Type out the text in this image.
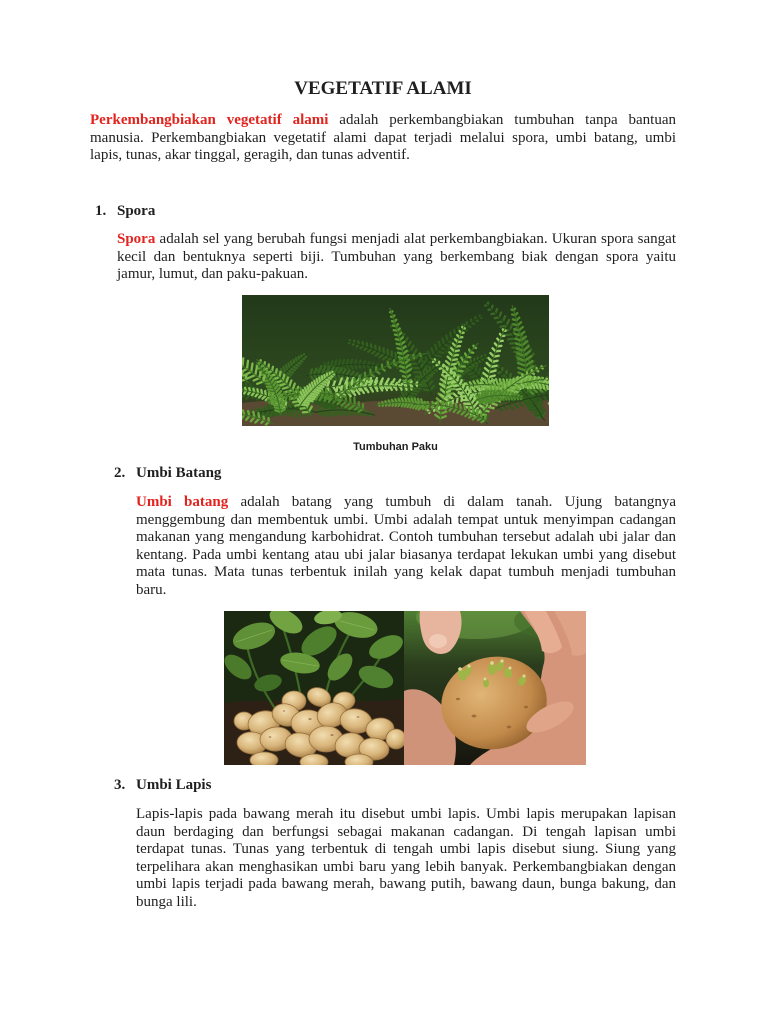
VEGETATIF ALAMI
Perkembangbiakan vegetatif alami adalah perkembangbiakan tumbuhan tanpa bantuan
manusia. Perkembangbiakan vegetatif alami dapat terjadi melalui spora, umbi batang, umbi
lapis, tunas, akar tinggal, geragih, dan tunas adventif.
1. Spora
Spora adalah sel yang berubah fungsi menjadi alat perkembangbiakan. Ukuran spora sangat
kecil dan bentuknya seperti biji. Tumbuhan yang berkembang biak dengan spora yaitu
jamur, lumut, dan paku-pakuan.
Tumbuhan Paku
2. Umbi Batang
Umbi batang adalah batang yang tumbuh di dalam tanah. Ujung batangnya
menggembung dan membentuk umbi. Umbi adalah tempat untuk menyimpan cadangan
makanan yang mengandung karbohidrat. Contoh tumbuhan tersebut adalah ubi jalar dan
kentang. Pada umbi kentang atau ubi jalar biasanya terdapat lekukan umbi yang disebut
mata tunas. Mata tunas terbentuk inilah yang kelak dapat tumbuh menjadi tumbuhan
baru.
3. Umbi Lapis
Lapis-lapis pada bawang merah itu disebut umbi lapis. Umbi lapis merupakan lapisan
daun berdaging dan berfungsi sebagai makanan cadangan. Di tengah lapisan umbi
terdapat tunas. Tunas yang terbentuk di tengah umbi lapis disebut siung. Siung yang
terpelihara akan menghasikan umbi baru yang lebih banyak. Perkembangbiakan dengan
umbi lapis terjadi pada bawang merah, bawang putih, bawang daun, bunga bakung, dan
bunga lili.
